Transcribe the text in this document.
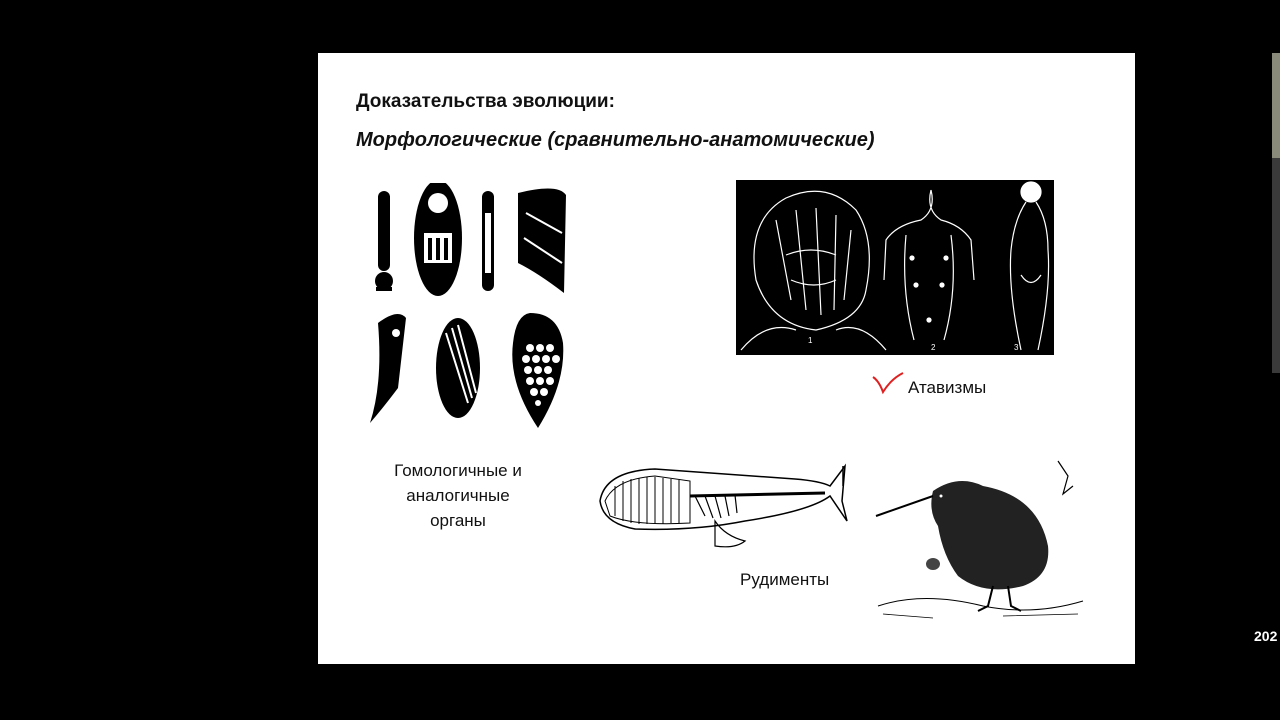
Доказательства эволюции:
Морфологические (сравнительно-анатомические)
1
2	3
Атавизмы
Гомологичные и
аналогичные
органы
Рудименты
202
